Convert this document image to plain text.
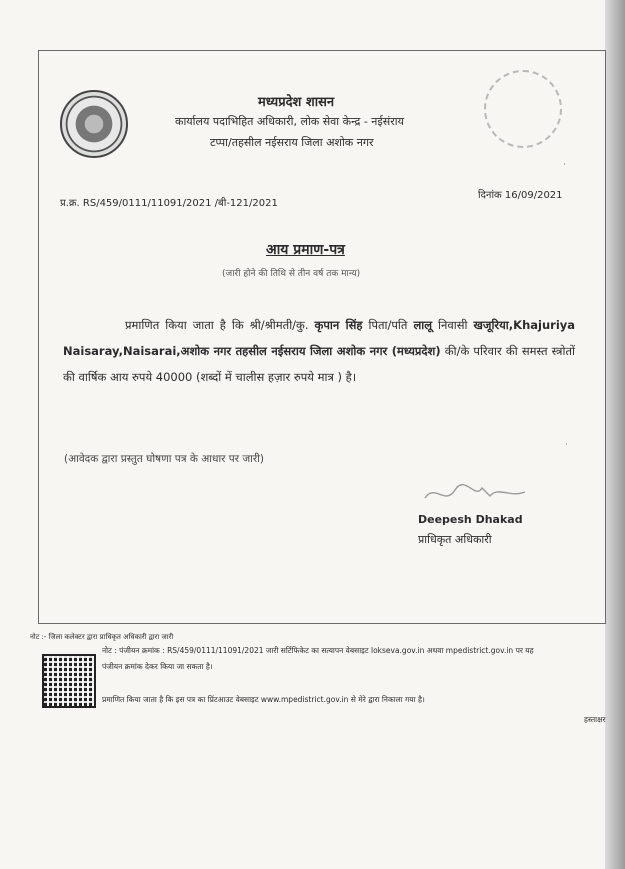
मध्यप्रदेश शासन
कार्यालय पदाभिहित अधिकारी, लोक सेवा केन्द्र - नईसंराय
टप्पा/तहसील नईसराय जिला अशोक नगर
दिनांक 16/09/2021
प्र.क्र. RS/459/0111/11091/2021 /बी-121/2021
आय प्रमाण-पत्र
(जारी होने की तिथि से तीन वर्ष तक मान्य)
प्रमाणित किया जाता है कि श्री/श्रीमती/कु. कृपान सिंह पिता/पति लालू निवासी खजूरिया,Khajuriya Naisaray,Naisarai,अशोक नगर तहसील नईसराय जिला अशोक नगर (मध्यप्रदेश) की/के परिवार की समस्त स्त्रोतों की वार्षिक आय रुपये 40000 (शब्दों में चालीस हज़ार रुपये मात्र ) है।
(आवेदक द्वारा प्रस्तुत घोषणा पत्र के आधार पर जारी)
Deepesh Dhakad
प्राधिकृत अधिकारी
·
·
नोट :- जिला कलेक्टर द्वारा प्राधिकृत अधिकारी द्वारा जारी
नोट : पंजीयन क्रमांक : RS/459/0111/11091/2021 जारी सर्टिफिकेट का सत्यापन वेबसाइट lokseva.gov.in अथवा mpedistrict.gov.in पर यह
पंजीयन क्रमांक देकर किया जा सकता है।
प्रमाणित किया जाता है कि इस पत्र का प्रिंटआउट वेबसाइट www.mpedistrict.gov.in से मेरे द्वारा निकाला गया है।
हस्ताक्षर
